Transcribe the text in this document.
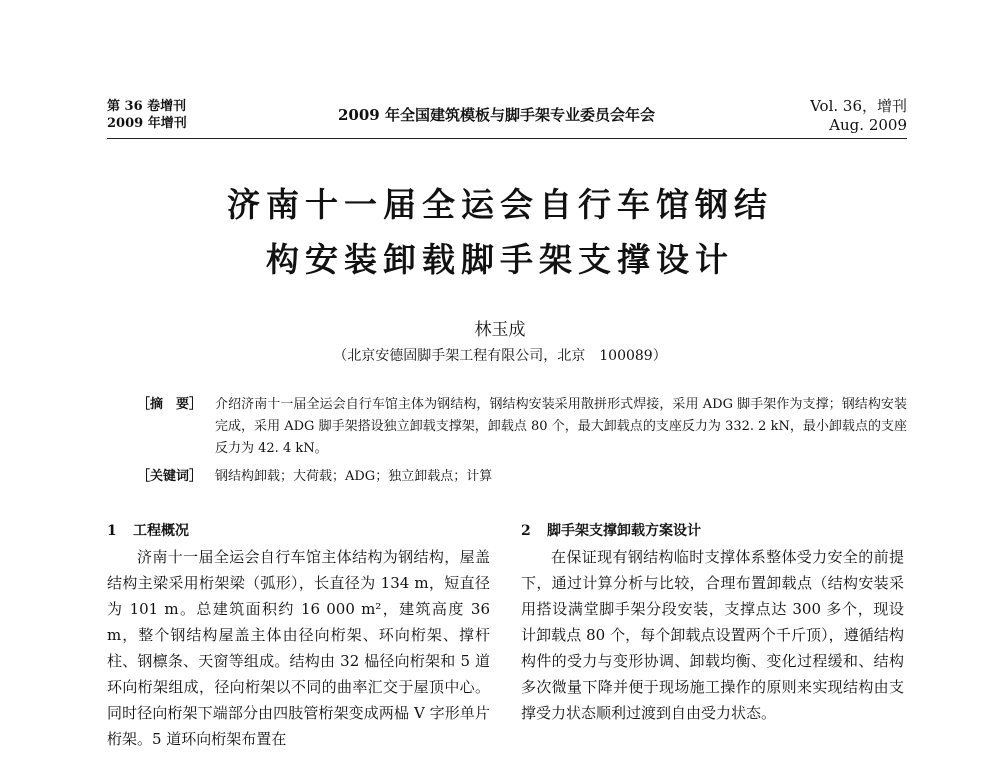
第 36 卷增刊
2009 年增刊	2009 年全国建筑模板与脚手架专业委员会年会	Vol. 36，增刊
Aug. 2009
济南十一届全运会自行车馆钢结
构安装卸载脚手架支撑设计
林玉成
（北京安德固脚手架工程有限公司，北京　100089）
［摘　要］ 介绍济南十一届全运会自行车馆主体为钢结构，钢结构安装采用散拼形式焊接，采用 ADG 脚手架作为支撑；钢结构安装完成，采用 ADG 脚手架搭设独立卸载支撑架，卸载点 80 个，最大卸载点的支座反力为 332. 2 kN，最小卸载点的支座反力为 42. 4 kN。
［关键词］ 钢结构卸载；大荷载；ADG；独立卸载点；计算
1 工程概况

济南十一届全运会自行车馆主体结构为钢结构，屋盖结构主梁采用桁架梁（弧形），长直径为 134 m，短直径为 101 m。总建筑面积约 16 000 m²，建筑高度 36 m，整个钢结构屋盖主体由径向桁架、环向桁架、撑杆柱、钢檩条、天窗等组成。结构由 32 榀径向桁架和 5 道环向桁架组成，径向桁架以不同的曲率汇交于屋顶中心。同时径向桁架下端部分由四肢管桁架变成两榀 V 字形单片桁架。5 道环向桁架布置在

2 脚手架支撑卸载方案设计

在保证现有钢结构临时支撑体系整体受力安全的前提下，通过计算分析与比较，合理布置卸载点（结构安装采用搭设满堂脚手架分段安装，支撑点达 300 多个，现设计卸载点 80 个，每个卸载点设置两个千斤顶），遵循结构构件的受力与变形协调、卸载均衡、变化过程缓和、结构多次微量下降并便于现场施工操作的原则来实现结构由支撑受力状态顺利过渡到自由受力状态。
